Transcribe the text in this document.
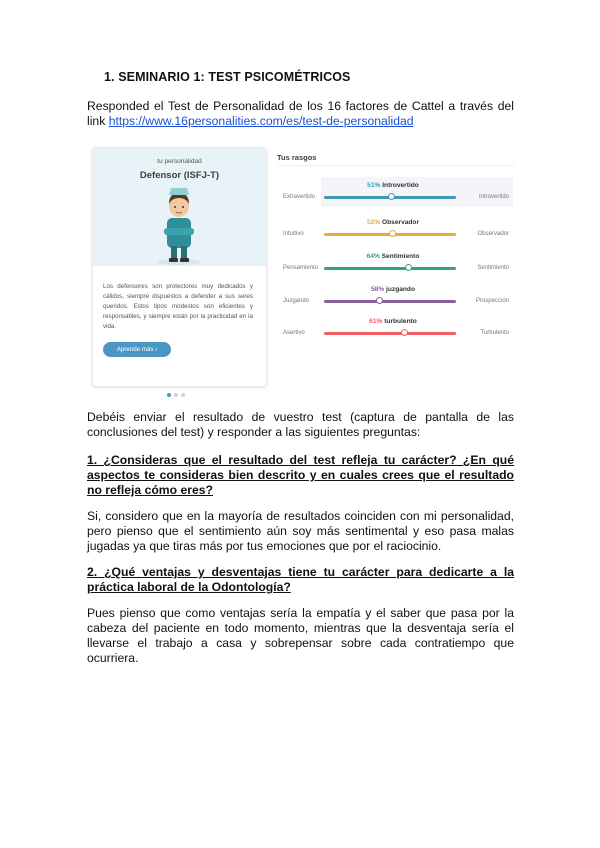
1. SEMINARIO 1: TEST PSICOMÉTRICOS
Responded el Test de Personalidad de los 16 factores de Cattel a través del link https://www.16personalities.com/es/test-de-personalidad
tu personalidad
Defensor (ISFJ-T)
Los defensores son protectores muy dedicados y cálidos, siempre dispuestos a defender a sus seres queridos. Estos tipos modestos son eficientes y responsables, y siempre están por la practicidad en la vida.
Aprende más ›
Tus rasgos
51% Introvertido
Extravertido	Introvertido
52% Observador
Intuitivo	Observador
64% Sentimiento
Pensamiento	Sentimiento
58% juzgando
Juzgando	Prospección
61% turbulento
Asertivo	Turbulento
Debéis enviar el resultado de vuestro test (captura de pantalla de las conclusiones del test) y responder a las siguientes preguntas:
1. ¿Consideras que el resultado del test refleja tu carácter? ¿En qué aspectos te consideras bien descrito y en cuales crees que el resultado no refleja cómo eres?
Si, considero que en la mayoría de resultados coinciden con mi personalidad, pero pienso que el sentimiento aún soy más sentimental y eso pasa malas jugadas ya que tiras más por tus emociones que por el raciocinio.
2. ¿Qué ventajas y desventajas tiene tu carácter para dedicarte a la práctica laboral de la Odontología?
Pues pienso que como ventajas sería la empatía y el saber que pasa por la cabeza del paciente en todo momento, mientras que la desventaja sería el llevarse el trabajo a casa y sobrepensar sobre cada contratiempo que ocurriera.
